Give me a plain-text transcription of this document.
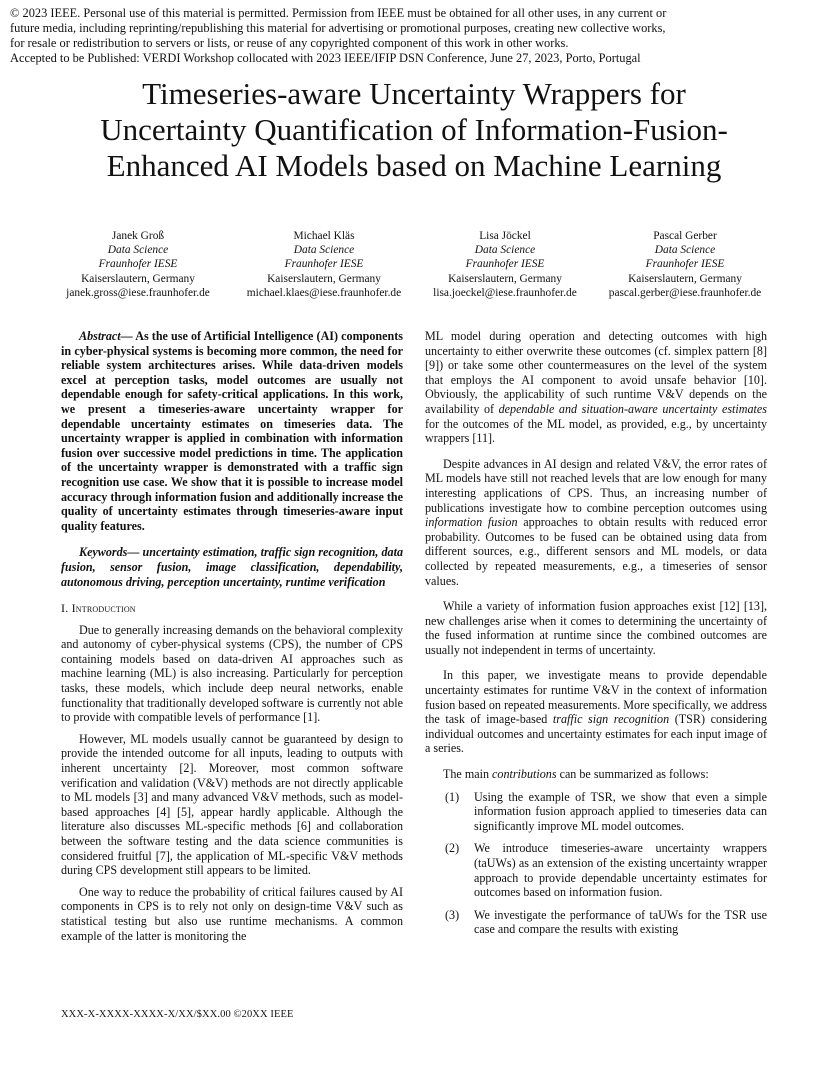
© 2023 IEEE. Personal use of this material is permitted. Permission from IEEE must be obtained for all other uses, in any current or
future media, including reprinting/republishing this material for advertising or promotional purposes, creating new collective works,
for resale or redistribution to servers or lists, or reuse of any copyrighted component of this work in other works.
Accepted to be Published: VERDI Workshop collocated with 2023 IEEE/IFIP DSN Conference, June 27, 2023, Porto, Portugal
Timeseries-aware Uncertainty Wrappers for
Uncertainty Quantification of Information-Fusion-
Enhanced AI Models based on Machine Learning
Janek Groß
Data Science
Fraunhofer IESE
Kaiserslautern, Germany
janek.gross@iese.fraunhofer.de
Michael Kläs
Data Science
Fraunhofer IESE
Kaiserslautern, Germany
michael.klaes@iese.fraunhofer.de
Lisa Jöckel
Data Science
Fraunhofer IESE
Kaiserslautern, Germany
lisa.joeckel@iese.fraunhofer.de
Pascal Gerber
Data Science
Fraunhofer IESE
Kaiserslautern, Germany
pascal.gerber@iese.fraunhofer.de

Abstract— As the use of Artificial Intelligence (AI) components in cyber-physical systems is becoming more common, the need for reliable system architectures arises. While data-driven models excel at perception tasks, model outcomes are usually not dependable enough for safety-critical applications. In this work, we present a timeseries-aware uncertainty wrapper for dependable uncertainty estimates on timeseries data. The uncertainty wrapper is applied in combination with information fusion over successive model predictions in time. The application of the uncertainty wrapper is demonstrated with a traffic sign recognition use case. We show that it is possible to increase model accuracy through information fusion and additionally increase the quality of uncertainty estimates through timeseries-aware input quality features.

Keywords— uncertainty estimation, traffic sign recognition, data fusion, sensor fusion, image classification, dependability, autonomous driving, perception uncertainty, runtime verification

I. Introduction

Due to generally increasing demands on the behavioral complexity and autonomy of cyber-physical systems (CPS), the number of CPS containing models based on data-driven AI approaches such as machine learning (ML) is also increasing. Particularly for perception tasks, these models, which include deep neural networks, enable functionality that traditionally developed software is currently not able to provide with compatible levels of performance [1].

However, ML models usually cannot be guaranteed by design to provide the intended outcome for all inputs, leading to outputs with inherent uncertainty [2]. Moreover, most common software verification and validation (V&V) methods are not directly applicable to ML models [3] and many advanced V&V methods, such as model-based approaches [4] [5], appear hardly applicable. Although the literature also discusses ML-specific methods [6] and collaboration between the software testing and the data science communities is considered fruitful [7], the application of ML-specific V&V methods during CPS development still appears to be limited.

One way to reduce the probability of critical failures caused by AI components in CPS is to rely not only on design-time V&V such as statistical testing but also use runtime mechanisms. A common example of the latter is monitoring the

ML model during operation and detecting outcomes with high uncertainty to either overwrite these outcomes (cf. simplex pattern [8] [9]) or take some other countermeasures on the level of the system that employs the AI component to avoid unsafe behavior [10]. Obviously, the applicability of such runtime V&V depends on the availability of dependable and situation-aware uncertainty estimates for the outcomes of the ML model, as provided, e.g., by uncertainty wrappers [11].

Despite advances in AI design and related V&V, the error rates of ML models have still not reached levels that are low enough for many interesting applications of CPS. Thus, an increasing number of publications investigate how to combine perception outcomes using information fusion approaches to obtain results with reduced error probability. Outcomes to be fused can be obtained using data from different sources, e.g., different sensors and ML models, or data collected by repeated measurements, e.g., a timeseries of sensor values.

While a variety of information fusion approaches exist [12] [13], new challenges arise when it comes to determining the uncertainty of the fused information at runtime since the combined outcomes are usually not independent in terms of uncertainty.

In this paper, we investigate means to provide dependable uncertainty estimates for runtime V&V in the context of information fusion based on repeated measurements. More specifically, we address the task of image-based traffic sign recognition (TSR) considering individual outcomes and uncertainty estimates for each input image of a series.

The main contributions can be summarized as follows:

(1) Using the example of TSR, we show that even a simple information fusion approach applied to timeseries data can significantly improve ML model outcomes.
(2) We introduce timeseries-aware uncertainty wrappers (taUWs) as an extension of the existing uncertainty wrapper approach to provide dependable uncertainty estimates for outcomes based on information fusion.
(3) We investigate the performance of taUWs for the TSR use case and compare the results with existing
XXX-X-XXXX-XXXX-X/XX/$XX.00 ©20XX IEEE
